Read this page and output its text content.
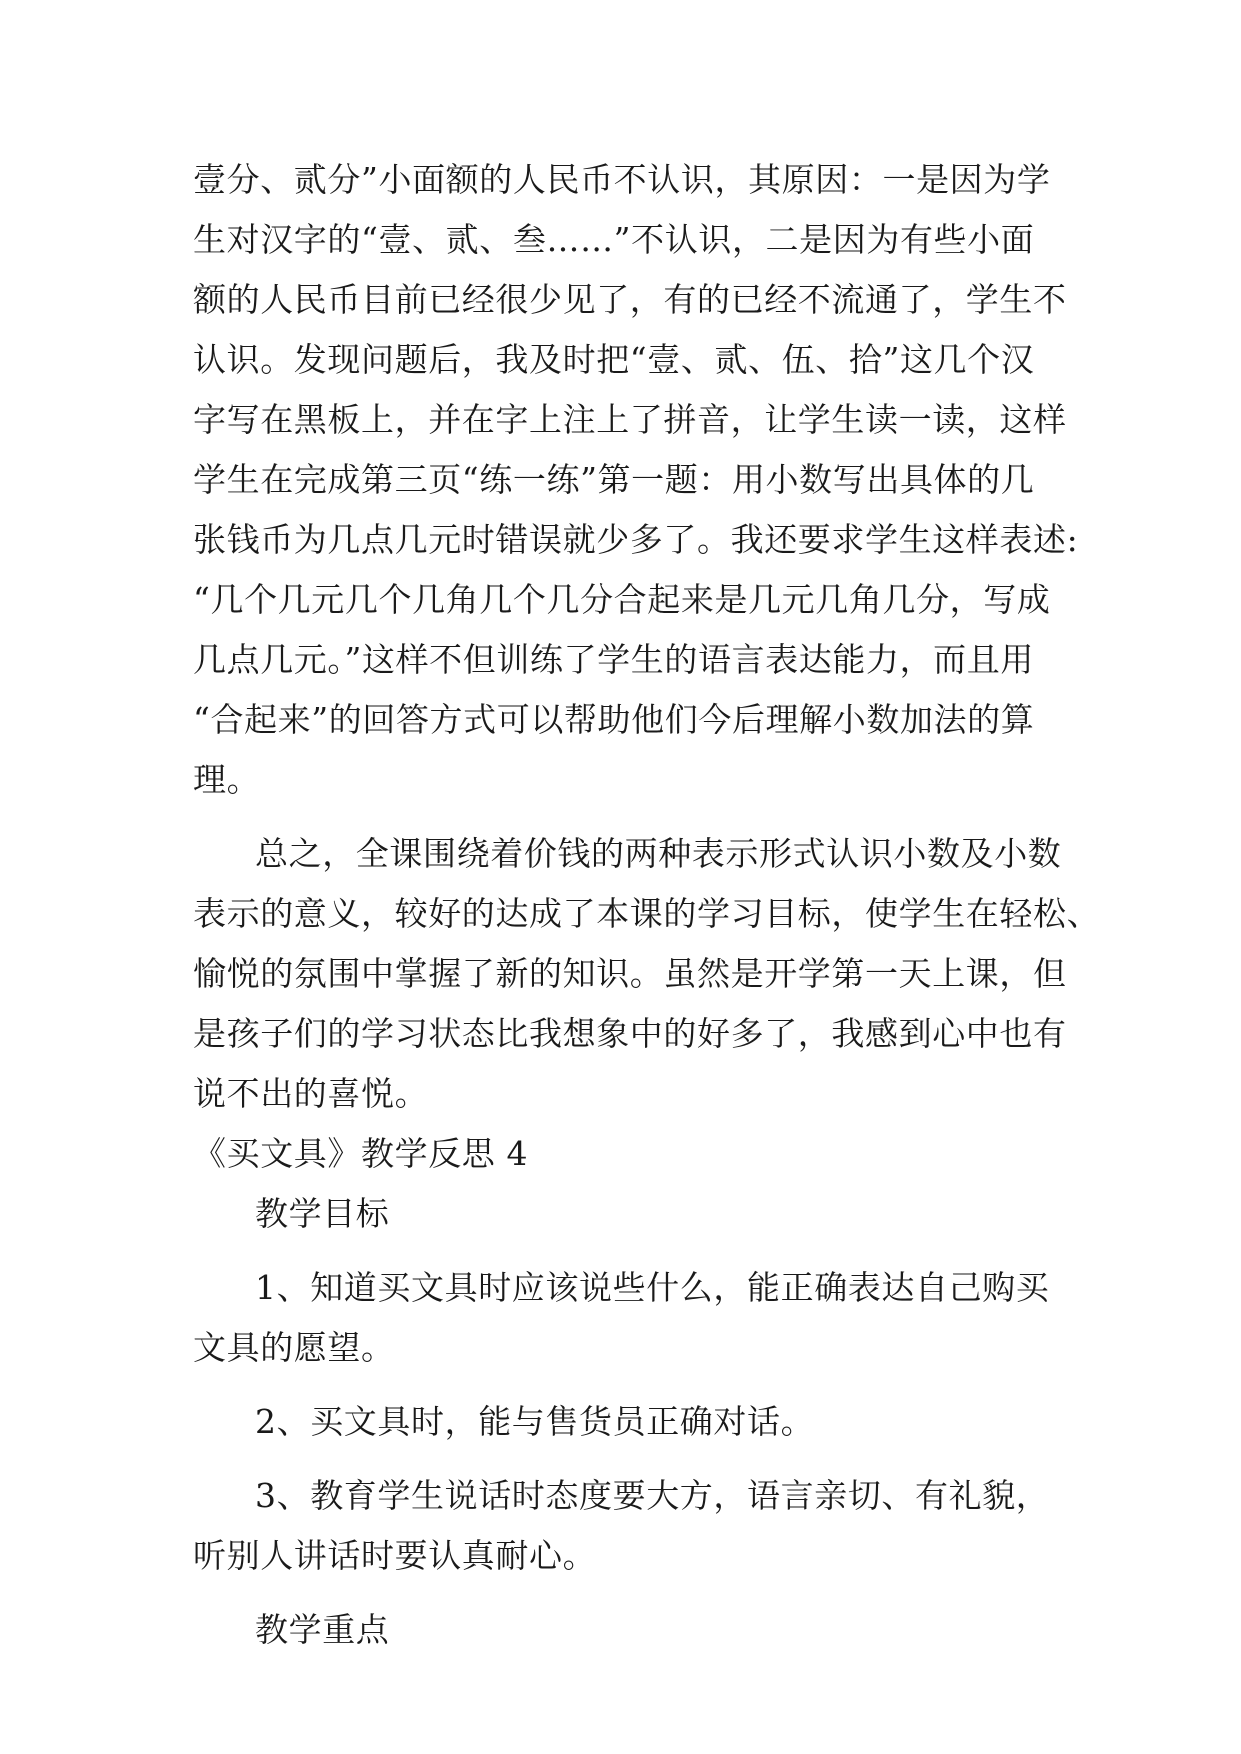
壹分、贰分”小面额的人民币不认识，其原因：一是因为学
生对汉字的“壹、贰、叁……”不认识，二是因为有些小面
额的人民币目前已经很少见了，有的已经不流通了，学生不
认识。发现问题后，我及时把“壹、贰、伍、拾”这几个汉
字写在黑板上，并在字上注上了拼音，让学生读一读，这样
学生在完成第三页“练一练”第一题：用小数写出具体的几
张钱币为几点几元时错误就少多了。我还要求学生这样表述:
“几个几元几个几角几个几分合起来是几元几角几分，写成
几点几元。”这样不但训练了学生的语言表达能力，而且用
“合起来”的回答方式可以帮助他们今后理解小数加法的算
理。
总之，全课围绕着价钱的两种表示形式认识小数及小数
表示的意义，较好的达成了本课的学习目标，使学生在轻松、
愉悦的氛围中掌握了新的知识。虽然是开学第一天上课，但
是孩子们的学习状态比我想象中的好多了，我感到心中也有
说不出的喜悦。
《买文具》教学反思 4
教学目标
1、知道买文具时应该说些什么，能正确表达自己购买
文具的愿望。
2、买文具时，能与售货员正确对话。
3、教育学生说话时态度要大方，语言亲切、有礼貌，
听别人讲话时要认真耐心。
教学重点
